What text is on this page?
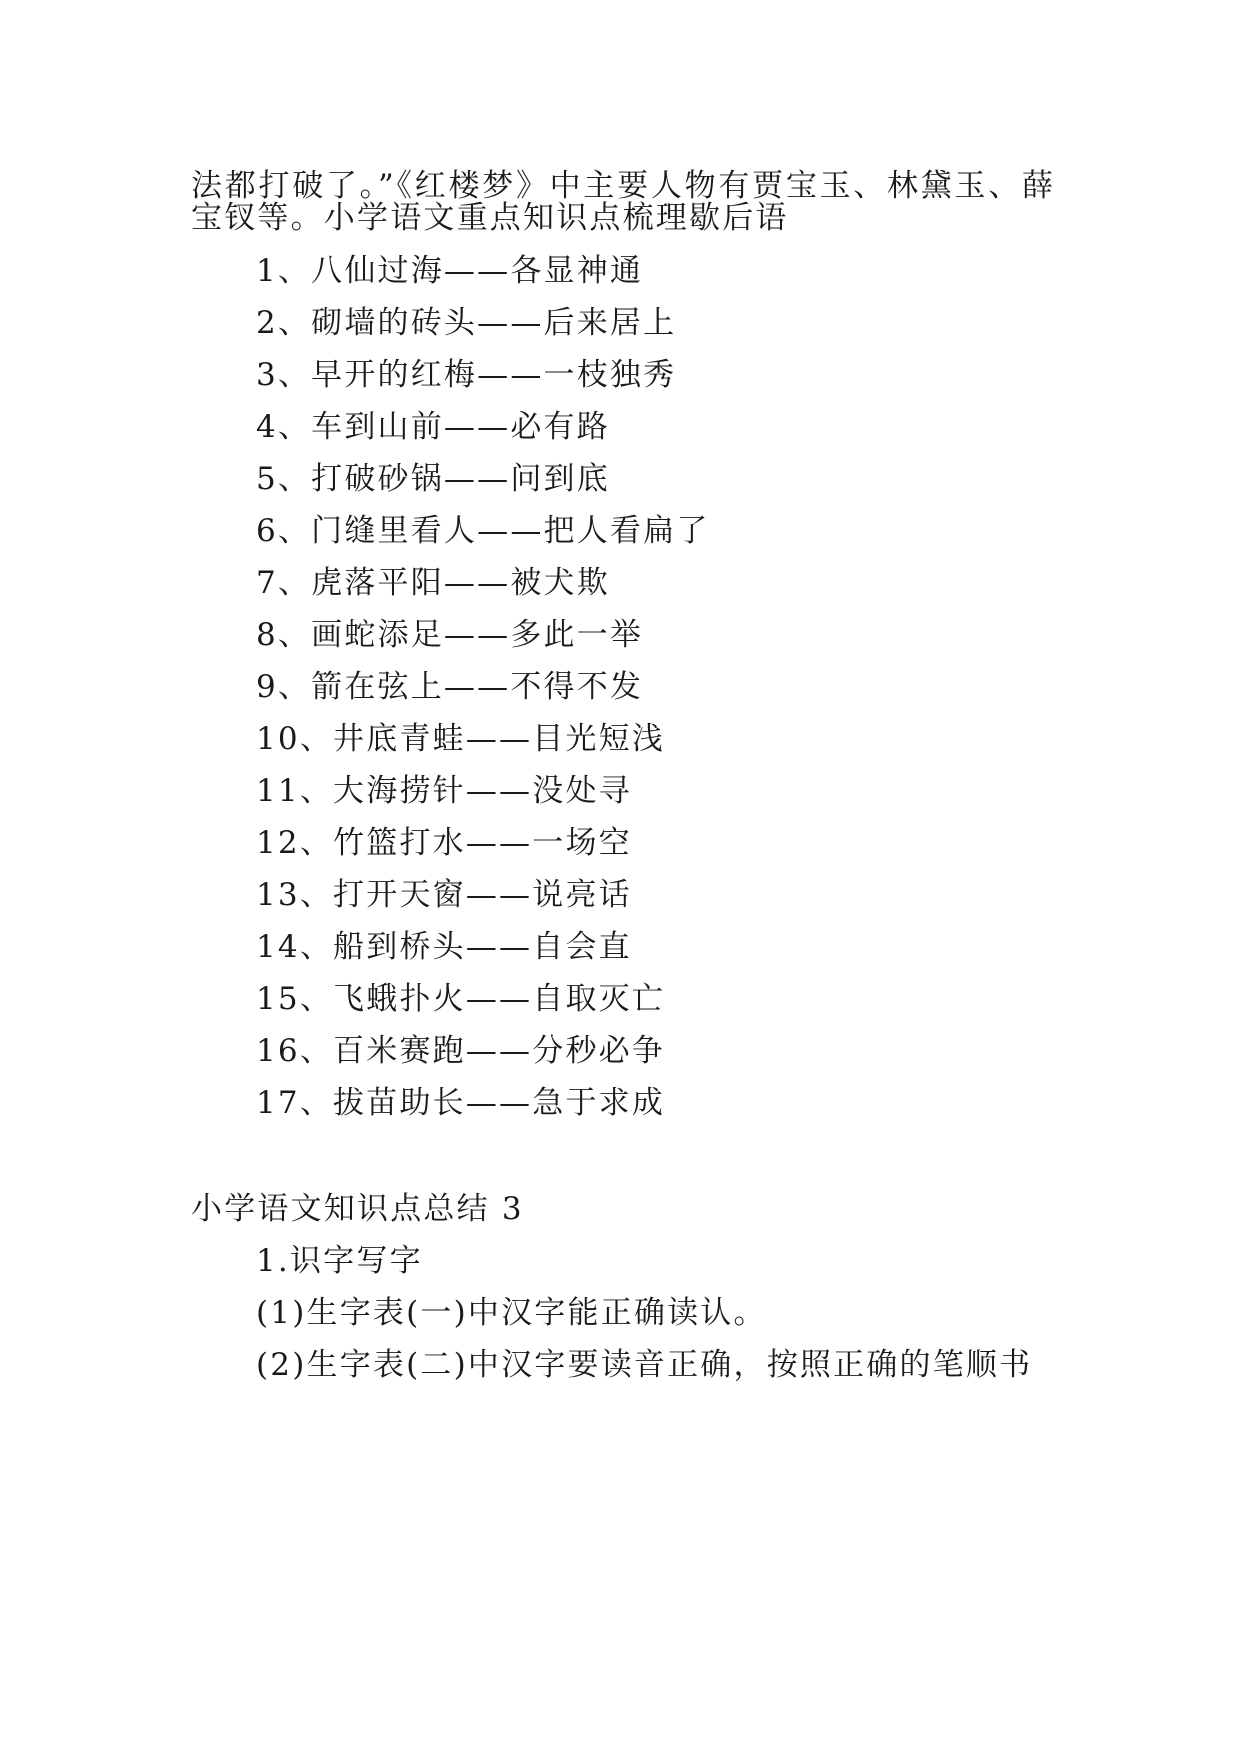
法都打破了。”《红楼梦》中主要人物有贾宝玉、林黛玉、薛
宝钗等。小学语文重点知识点梳理歇后语
1、八仙过海——各显神通
2、砌墙的砖头——后来居上
3、早开的红梅——一枝独秀
4、车到山前——必有路
5、打破砂锅——问到底
6、门缝里看人——把人看扁了
7、虎落平阳——被犬欺
8、画蛇添足——多此一举
9、箭在弦上——不得不发
10、井底青蛙——目光短浅
11、大海捞针——没处寻
12、竹篮打水——一场空
13、打开天窗——说亮话
14、船到桥头——自会直
15、飞蛾扑火——自取灭亡
16、百米赛跑——分秒必争
17、拔苗助长——急于求成
小学语文知识点总结 3
1.识字写字
(1)生字表(一)中汉字能正确读认。
(2)生字表(二)中汉字要读音正确，按照正确的笔顺书
